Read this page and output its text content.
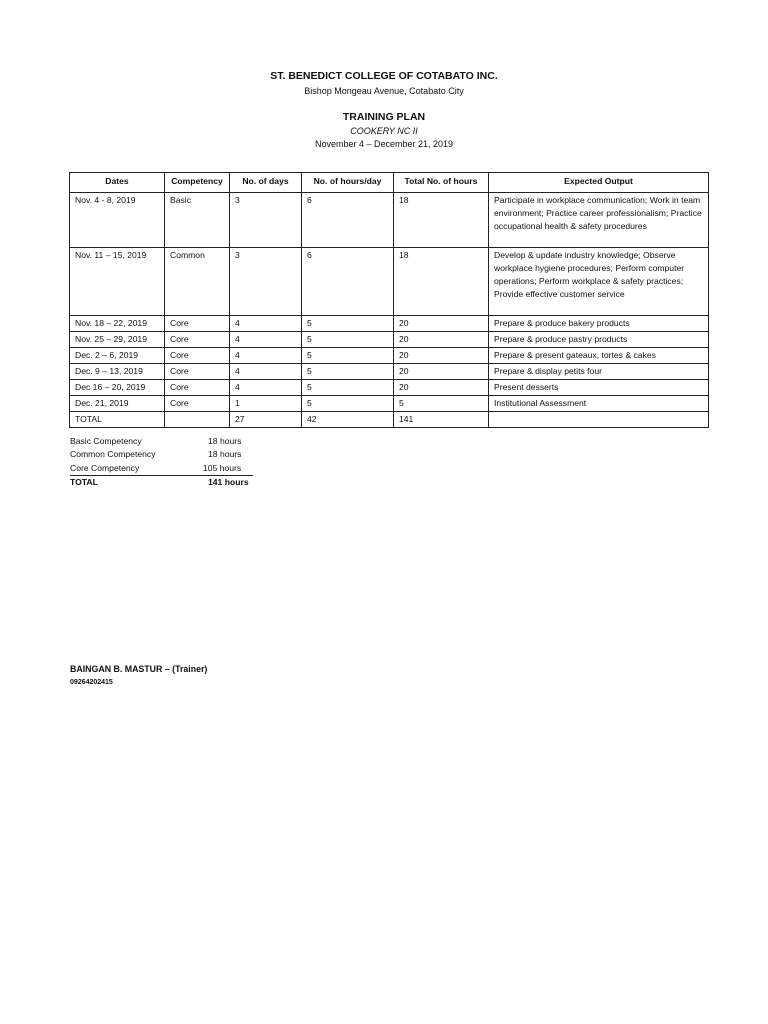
ST. BENEDICT COLLEGE OF COTABATO INC.
Bishop Mongeau Avenue, Cotabato City
TRAINING PLAN
COOKERY NC II
November 4 – December 21, 2019
Dates	Competency	No. of days	No. of hours/day	Total No. of hours	Expected Output
Nov. 4 - 8, 2019	Basic	3	6	18	Participate in workplace communication; Work in team environment; Practice career professionalism; Practice occupational health & safety procedures
Nov. 11 – 15, 2019	Common	3	6	18	Develop & update industry knowledge; Observe workplace hygiene procedures; Perform computer operations; Perform workplace & safety practices; Provide effective customer service
Nov. 18 – 22, 2019	Core	4	5	20	Prepare & produce bakery products
Nov. 25 – 29, 2019	Core	4	5	20	Prepare & produce pastry products
Dec. 2 – 6, 2019	Core	4	5	20	Prepare & present gateaux, tortes & cakes
Dec. 9 – 13, 2019	Core	4	5	20	Prepare & display petits four
Dec 16 – 20, 2019	Core	4	5	20	Present desserts
Dec. 21, 2019	Core	1	5	5	Institutional Assessment
TOTAL		27	42	141	
Basic Competency	18 hours
Common Competency	18 hours
Core Competency	105 hours
TOTAL	141 hours
BAINGAN B. MASTUR – (Trainer)
09264202415
